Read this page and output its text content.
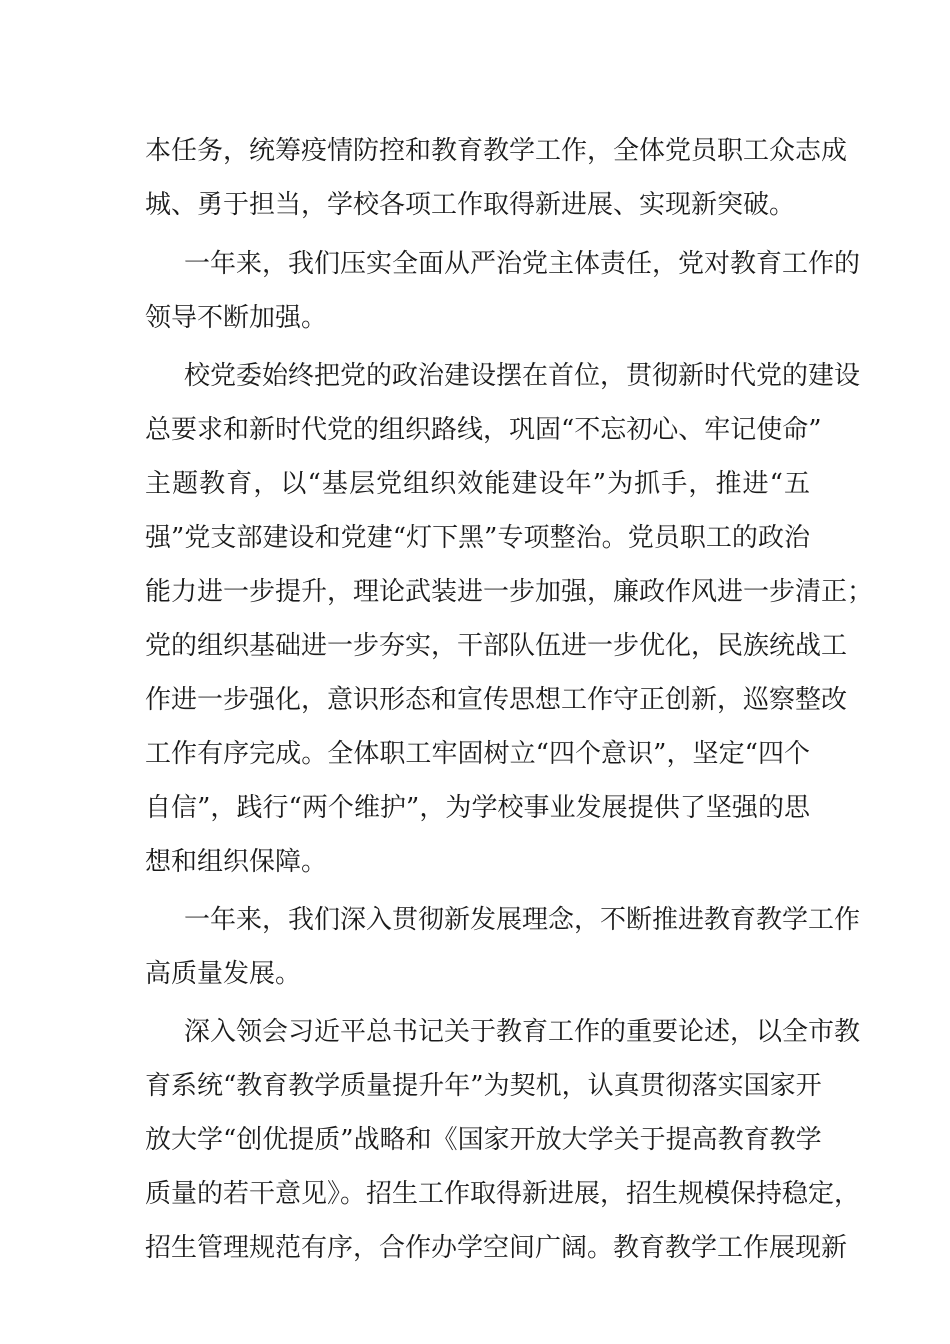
本任务，统筹疫情防控和教育教学工作，全体党员职工众志成
城、勇于担当，学校各项工作取得新进展、实现新突破。
一年来，我们压实全面从严治党主体责任，党对教育工作的
领导不断加强。
校党委始终把党的政治建设摆在首位，贯彻新时代党的建设
总要求和新时代党的组织路线，巩固“不忘初心、牢记使命”
主题教育，以“基层党组织效能建设年”为抓手，推进“五
强”党支部建设和党建“灯下黑”专项整治。党员职工的政治
能力进一步提升，理论武装进一步加强，廉政作风进一步清正；
党的组织基础进一步夯实，干部队伍进一步优化，民族统战工
作进一步强化，意识形态和宣传思想工作守正创新，巡察整改
工作有序完成。全体职工牢固树立“四个意识”，坚定“四个
自信”，践行“两个维护”，为学校事业发展提供了坚强的思
想和组织保障。
一年来，我们深入贯彻新发展理念，不断推进教育教学工作
高质量发展。
深入领会习近平总书记关于教育工作的重要论述，以全市教
育系统“教育教学质量提升年”为契机，认真贯彻落实国家开
放大学“创优提质”战略和《国家开放大学关于提高教育教学
质量的若干意见》。招生工作取得新进展，招生规模保持稳定，
招生管理规范有序，合作办学空间广阔。教育教学工作展现新
